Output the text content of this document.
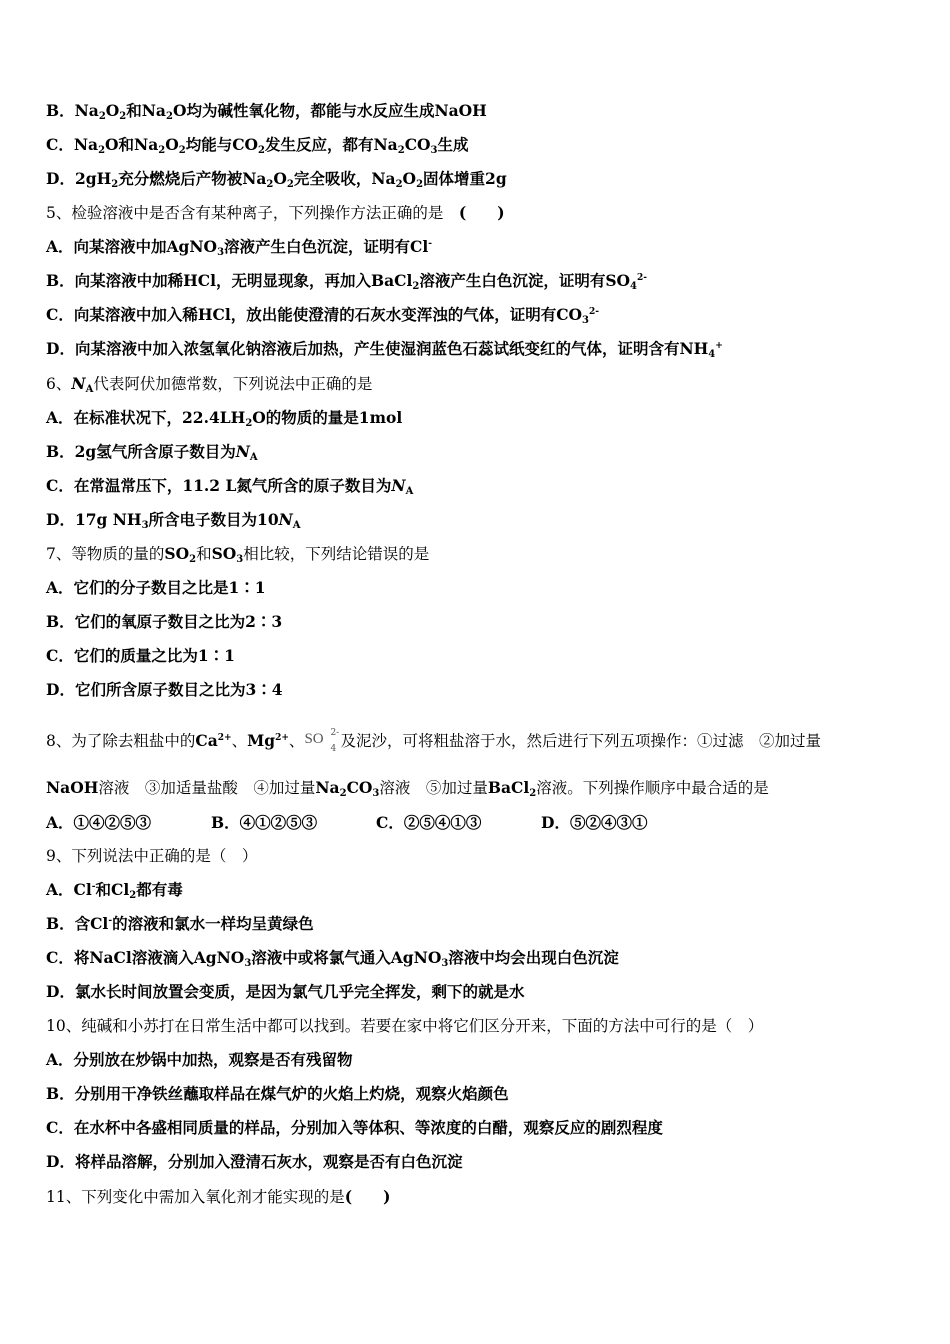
B．$Na_2O_2$和$Na_2O$均为碱性氧化物，都能与水反应生成NaOH
C．$Na_2O$和$Na_2O_2$均能与$CO_2$发生反应，都有$Na_2CO_3$生成
D．$2gH_2$充分燃烧后产物被$Na_2O_2$完全吸收，$Na_2O_2$固体增重2g
5、检验溶液中是否含有某种离子，下列操作方法正确的是　(　　)
A．向某溶液中加AgNO$_3$溶液产生白色沉淀，证明有Cl-
B．向某溶液中加稀HCl，无明显现象，再加入BaCl$_2$溶液产生白色沉淀，证明有$SO_4^{2-}$
C．向某溶液中加入稀HCl，放出能使澄清的石灰水变浑浊的气体，证明有$CO_3^{2-}$
D．向某溶液中加入浓氢氧化钠溶液后加热，产生使湿润蓝色石蕊试纸变红的气体，证明含有$NH_4^+$
6、$N_A$代表阿伏加德常数，下列说法中正确的是
A．在标准状况下，$22.4LH_2O$的物质的量是1mol
B．2g氢气所含原子数目为$N_A$
C．在常温常压下，11.2 L氮气所含的原子数目为$N_A$
D．17g $NH_3$所含电子数目为$10N_A$
7、等物质的量的$SO_2$和$SO_3$相比较，下列结论错误的是
A．它们的分子数目之比是1∶1
B．它们的氧原子数目之比为2∶3
C．它们的质量之比为1∶1
D．它们所含原子数目之比为3∶4
8、为了除去粗盐中的$Ca^{2+}$、$Mg^{2+}$、 SO 2-
4 及泥沙，可将粗盐溶于水，然后进行下列五项操作：①过滤　②加过量
NaOH溶液　③加适量盐酸　④加过量$Na_2CO_3$溶液　⑤加过量BaCl$_2$溶液。下列操作顺序中最合适的是
A．①④②⑤③	B．④①②⑤③	C．②⑤④①③	D．⑤②④③①
9、下列说法中正确的是（　）
A．Cl-和$Cl_2$都有毒
B．含Cl-的溶液和氯水一样均呈黄绿色
C．将NaCl溶液滴入AgNO$_3$溶液中或将氯气通入AgNO$_3$溶液中均会出现白色沉淀
D．氯水长时间放置会变质，是因为氯气几乎完全挥发，剩下的就是水
10、纯碱和小苏打在日常生活中都可以找到。若要在家中将它们区分开来，下面的方法中可行的是（　）
A．分别放在炒锅中加热，观察是否有残留物
B．分别用干净铁丝蘸取样品在煤气炉的火焰上灼烧，观察火焰颜色
C．在水杯中各盛相同质量的样品，分别加入等体积、等浓度的白醋，观察反应的剧烈程度
D．将样品溶解，分别加入澄清石灰水，观察是否有白色沉淀
11、下列变化中需加入氧化剂才能实现的是(　　)
